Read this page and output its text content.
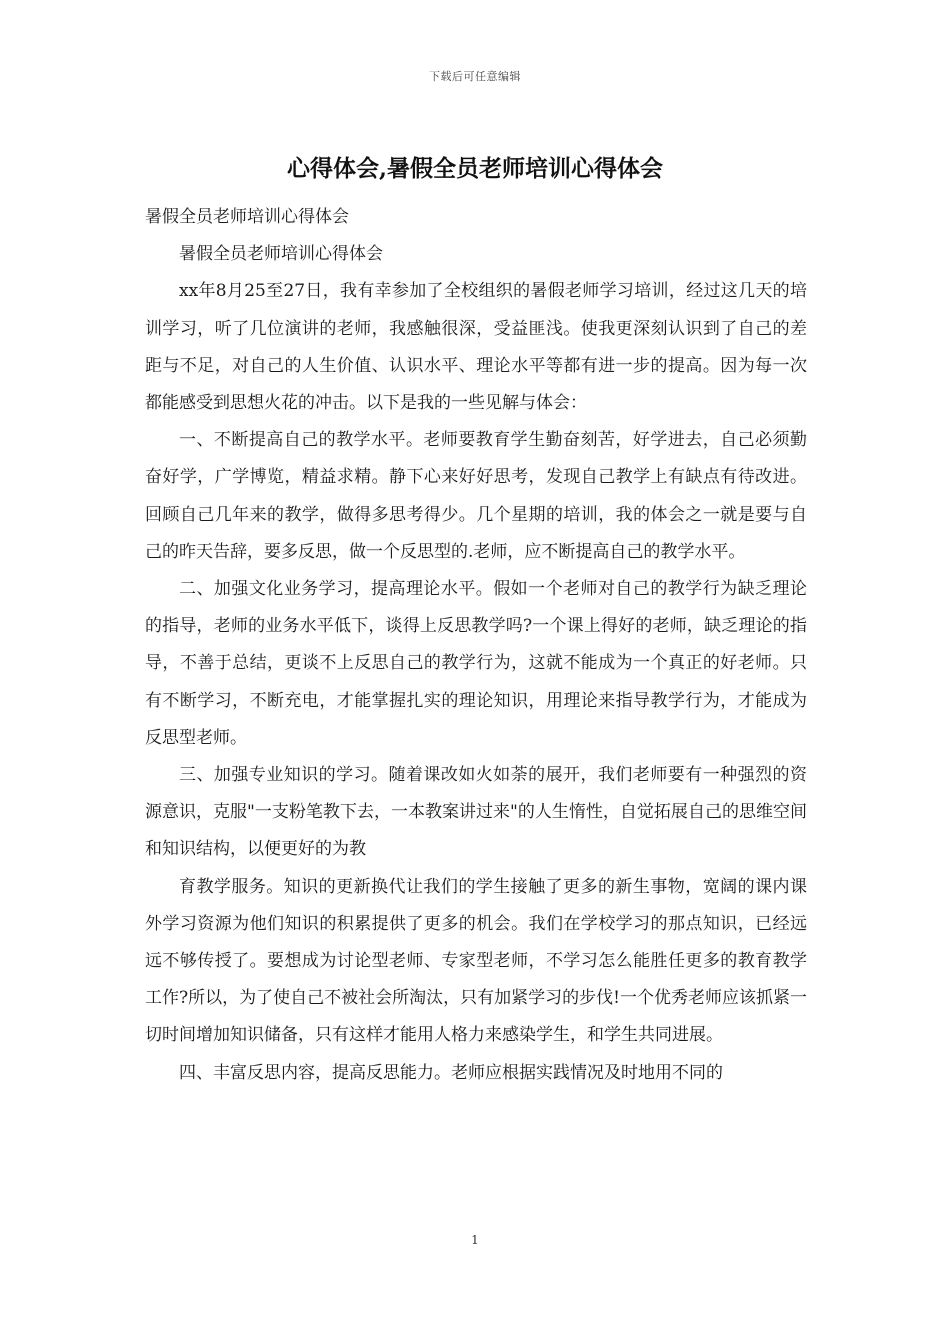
下载后可任意编辑
心得体会,暑假全员老师培训心得体会

暑假全员老师培训心得体会

暑假全员老师培训心得体会

xx年8月25至27日，我有幸参加了全校组织的暑假老师学习培训，经过这几天的培训学习，听了几位演讲的老师，我感触很深，受益匪浅。使我更深刻认识到了自己的差距与不足，对自己的人生价值、认识水平、理论水平等都有进一步的提高。因为每一次都能感受到思想火花的冲击。以下是我的一些见解与体会：

一、不断提高自己的教学水平。老师要教育学生勤奋刻苦，好学进去，自己必须勤奋好学，广学博览，精益求精。静下心来好好思考，发现自己教学上有缺点有待改进。回顾自己几年来的教学，做得多思考得少。几个星期的培训，我的体会之一就是要与自己的昨天告辞，要多反思，做一个反思型的.老师，应不断提高自己的教学水平。

二、加强文化业务学习，提高理论水平。假如一个老师对自己的教学行为缺乏理论的指导，老师的业务水平低下，谈得上反思教学吗?一个课上得好的老师，缺乏理论的指导，不善于总结，更谈不上反思自己的教学行为，这就不能成为一个真正的好老师。只有不断学习，不断充电，才能掌握扎实的理论知识，用理论来指导教学行为，才能成为反思型老师。

三、加强专业知识的学习。随着课改如火如荼的展开，我们老师要有一种强烈的资源意识，克服"一支粉笔教下去，一本教案讲过来"的人生惰性，自觉拓展自己的思维空间和知识结构，以便更好的为教

育教学服务。知识的更新换代让我们的学生接触了更多的新生事物，宽阔的课内课外学习资源为他们知识的积累提供了更多的机会。我们在学校学习的那点知识，已经远远不够传授了。要想成为讨论型老师、专家型老师，不学习怎么能胜任更多的教育教学工作?所以，为了使自己不被社会所淘汰，只有加紧学习的步伐!一个优秀老师应该抓紧一切时间增加知识储备，只有这样才能用人格力来感染学生，和学生共同进展。

四、丰富反思内容，提高反思能力。老师应根据实践情况及时地用不同的

1
